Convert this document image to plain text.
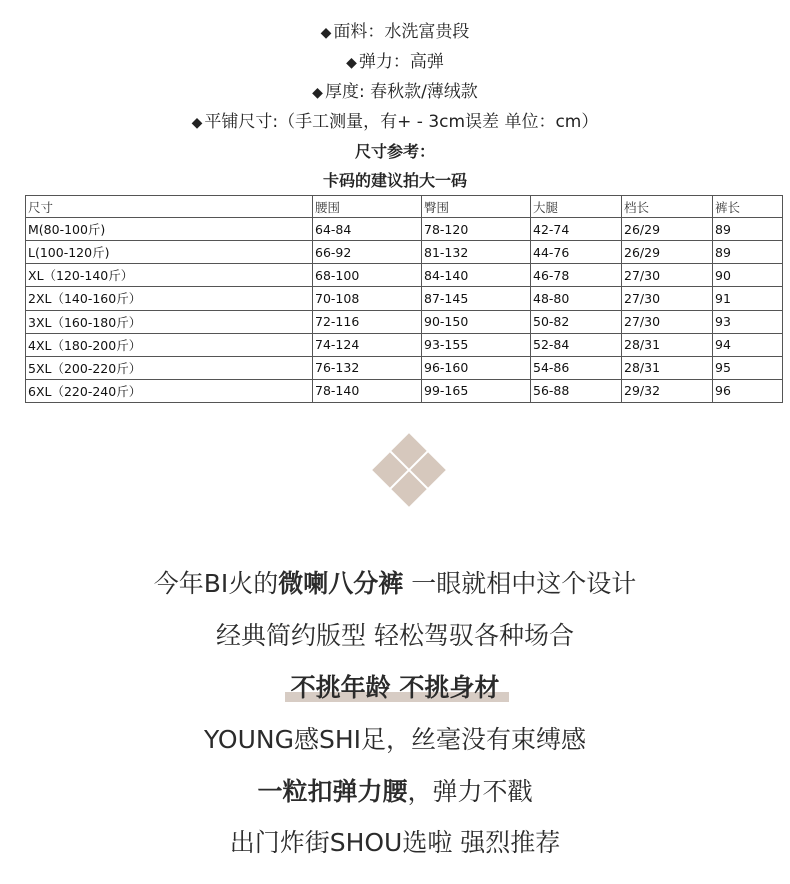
◆ 面料：水洗富贵段
◆ 弹力：高弹
◆ 厚度: 春秋款/薄绒款
◆ 平铺尺寸:（手工测量，有+ - 3cm误差 单位：cm）
尺寸参考：
卡码的建议拍大一码
尺寸	腰围	臀围	大腿	档长	裤长
M(80-100斤)	64-84	78-120	42-74	26/29	89
L(100-120斤)	66-92	81-132	44-76	26/29	89
XL（120-140斤）	68-100	84-140	46-78	27/30	90
2XL（140-160斤）	70-108	87-145	48-80	27/30	91
3XL（160-180斤）	72-116	90-150	50-82	27/30	93
4XL（180-200斤）	74-124	93-155	52-84	28/31	94
5XL（200-220斤）	76-132	96-160	54-86	28/31	95
6XL（220-240斤）	78-140	99-165	56-88	29/32	96
今年BI火的微喇八分裤 一眼就相中这个设计
经典简约版型 轻松驾驭各种场合
不挑年龄 不挑身材
YOUNG感SHI足，丝毫没有束缚感
一粒扣弹力腰，弹力不戳
出门炸街SHOU选啦 强烈推荐
